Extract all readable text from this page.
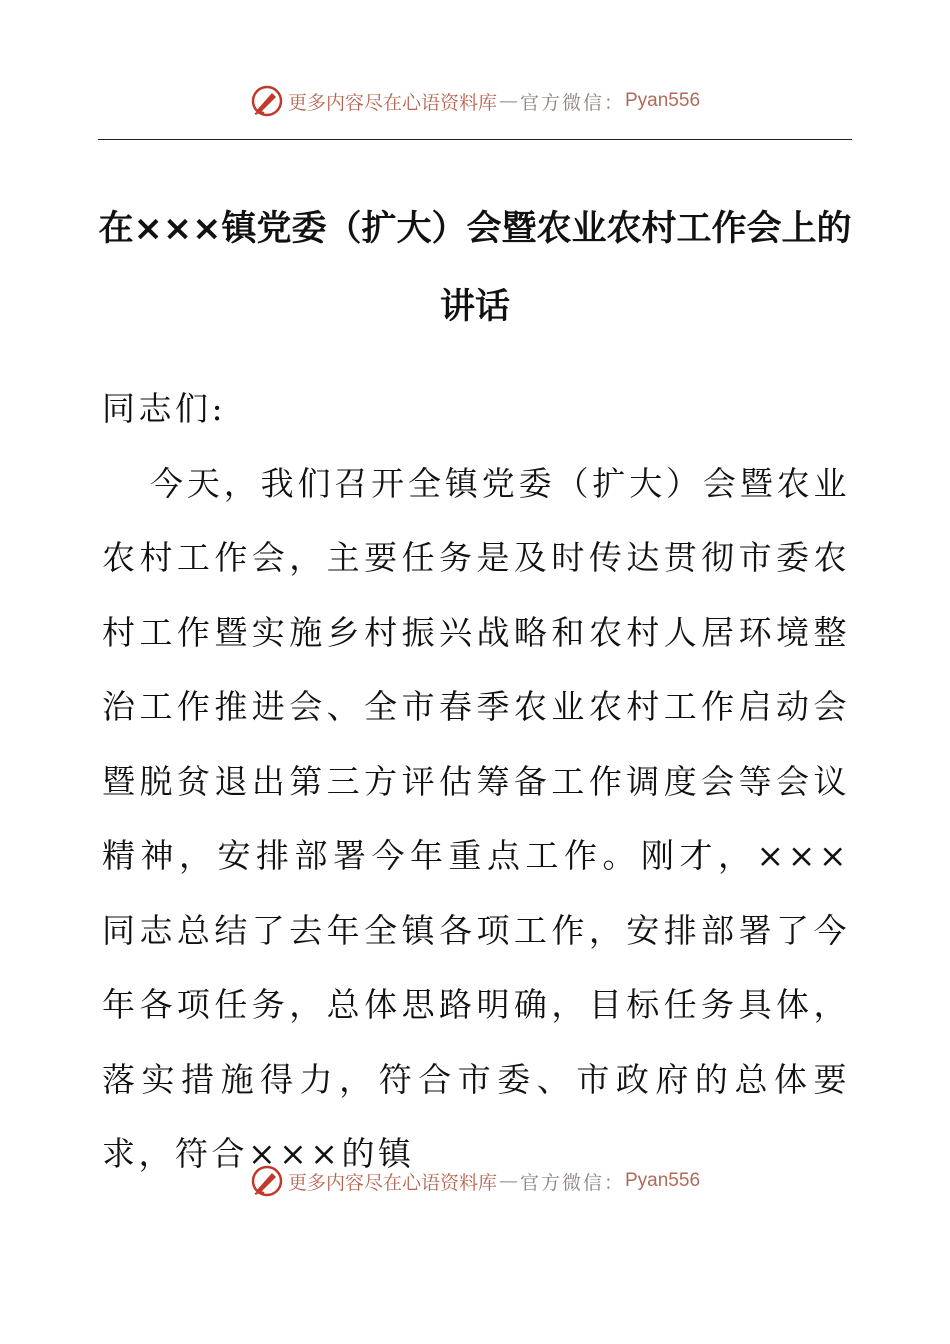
更多内容尽在心语资料库 — 官方微信： Pyan556
在×××镇党委（扩大）会暨农业农村工作会上的讲话

同志们:

今天，我们召开全镇党委（扩大）会暨农业农村工作会，主要任务是及时传达贯彻市委农村工作暨实施乡村振兴战略和农村人居环境整治工作推进会、全市春季农业农村工作启动会暨脱贫退出第三方评估筹备工作调度会等会议精神，安排部署今年重点工作。刚才，×××同志总结了去年全镇各项工作，安排部署了今年各项任务，总体思路明确，目标任务具体，落实措施得力，符合市委、市政府的总体要求，符合×××的镇

更多内容尽在心语资料库 — 官方微信： Pyan556
